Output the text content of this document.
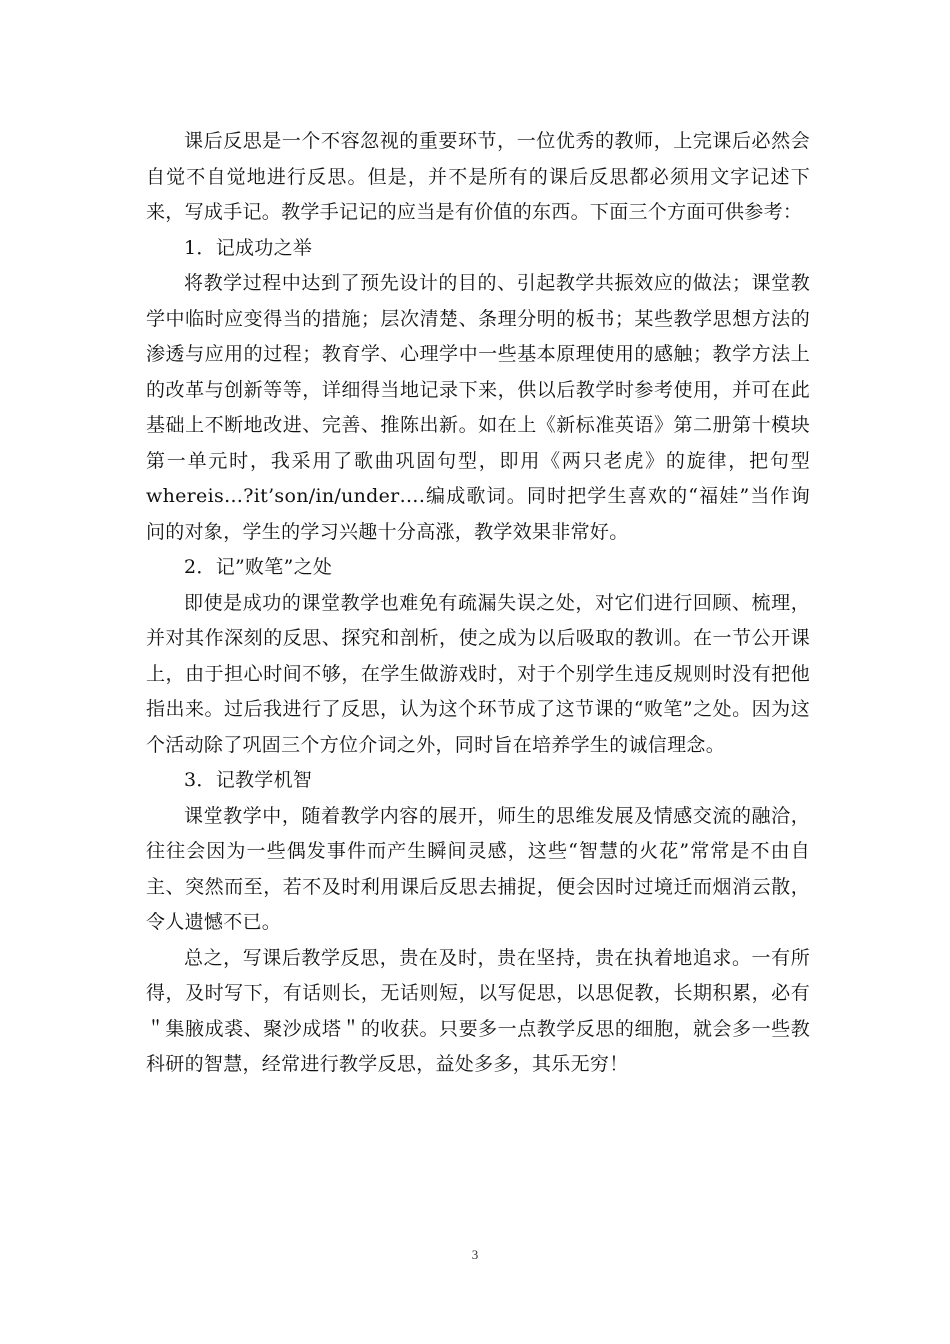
课后反思是一个不容忽视的重要环节，一位优秀的教师，上完课后必然会自觉不自觉地进行反思。但是，并不是所有的课后反思都必须用文字记述下来，写成手记。教学手记记的应当是有价值的东西。下面三个方面可供参考：

1．记成功之举

将教学过程中达到了预先设计的目的、引起教学共振效应的做法；课堂教学中临时应变得当的措施；层次清楚、条理分明的板书；某些教学思想方法的渗透与应用的过程；教育学、心理学中一些基本原理使用的感触；教学方法上的改革与创新等等，详细得当地记录下来，供以后教学时参考使用，并可在此基础上不断地改进、完善、推陈出新。如在上《新标准英语》第二册第十模块第一单元时，我采用了歌曲巩固句型，即用《两只老虎》的旋律，把句型whereis…?it’son/in/under….编成歌词。同时把学生喜欢的“福娃”当作询问的对象，学生的学习兴趣十分高涨，教学效果非常好。

2．记”败笔”之处

即使是成功的课堂教学也难免有疏漏失误之处，对它们进行回顾、梳理，并对其作深刻的反思、探究和剖析，使之成为以后吸取的教训。在一节公开课上，由于担心时间不够，在学生做游戏时，对于个别学生违反规则时没有把他指出来。过后我进行了反思，认为这个环节成了这节课的“败笔”之处。因为这个活动除了巩固三个方位介词之外，同时旨在培养学生的诚信理念。

3．记教学机智

课堂教学中，随着教学内容的展开，师生的思维发展及情感交流的融洽，往往会因为一些偶发事件而产生瞬间灵感，这些“智慧的火花”常常是不由自主、突然而至，若不及时利用课后反思去捕捉，便会因时过境迁而烟消云散，令人遗憾不已。

总之，写课后教学反思，贵在及时，贵在坚持，贵在执着地追求。一有所得，及时写下，有话则长，无话则短，以写促思，以思促教，长期积累，必有＂集腋成裘、聚沙成塔＂的收获。只要多一点教学反思的细胞，就会多一些教科研的智慧，经常进行教学反思，益处多多，其乐无穷！

3
